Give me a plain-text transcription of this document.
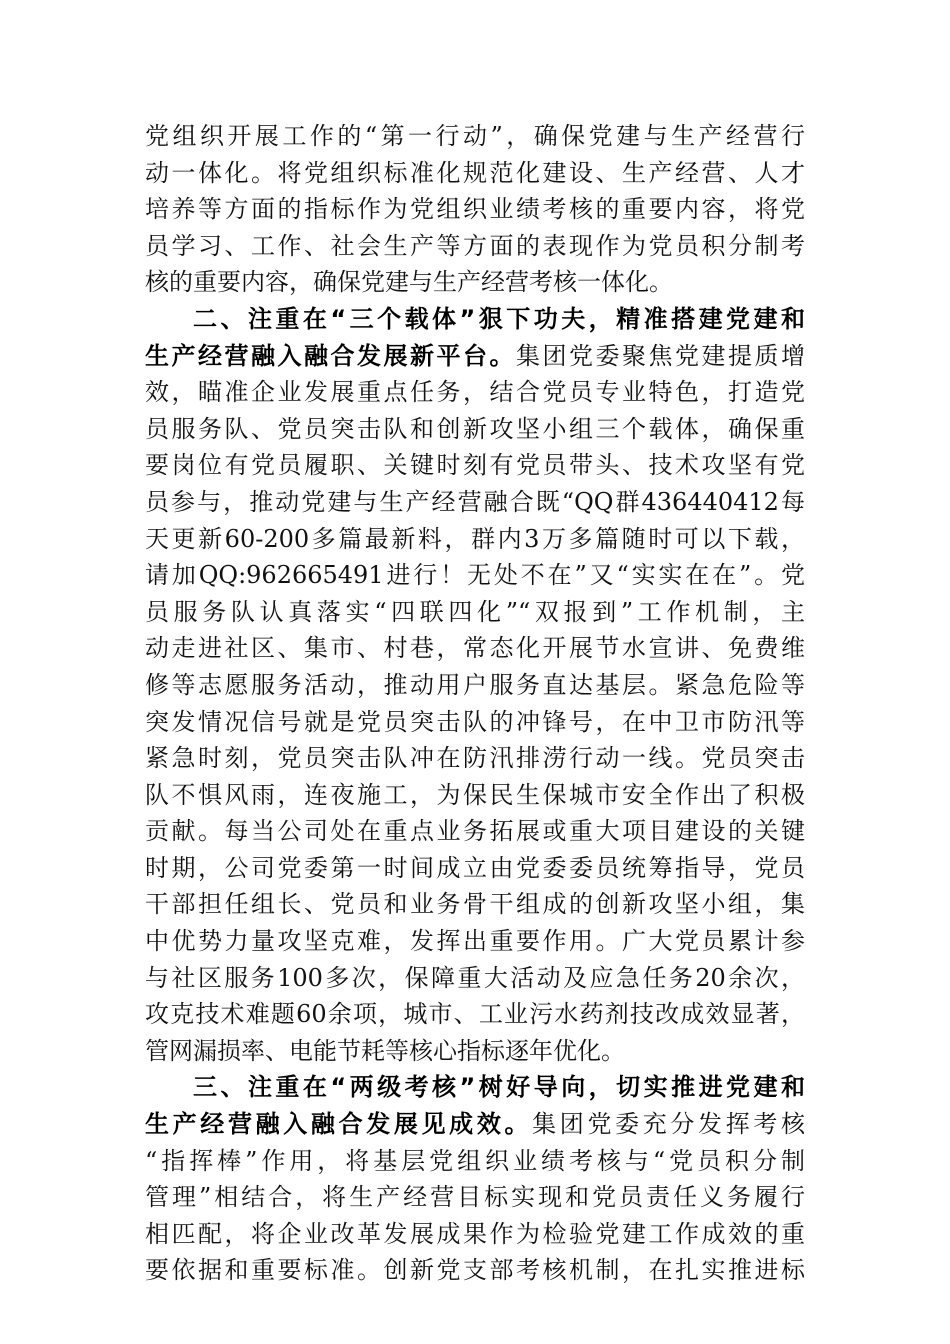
党组织开展工作的“第一行动”，确保党建与生产经营行
动一体化。将党组织标准化规范化建设、生产经营、人才
培养等方面的指标作为党组织业绩考核的重要内容，将党
员学习、工作、社会生产等方面的表现作为党员积分制考
核的重要内容，确保党建与生产经营考核一体化。
二、注重在“三个载体”狠下功夫，精准搭建党建和
生产经营融入融合发展新平台。集团党委聚焦党建提质增
效，瞄准企业发展重点任务，结合党员专业特色，打造党
员服务队、党员突击队和创新攻坚小组三个载体，确保重
要岗位有党员履职、关键时刻有党员带头、技术攻坚有党
员参与，推动党建与生产经营融合既“QQ群436440412每
天更新60-200多篇最新料，群内3万多篇随时可以下载，
请加QQ:962665491进行！无处不在”又“实实在在”。党
员服务队认真落实“四联四化”“双报到”工作机制，主
动走进社区、集市、村巷，常态化开展节水宣讲、免费维
修等志愿服务活动，推动用户服务直达基层。紧急危险等
突发情况信号就是党员突击队的冲锋号，在中卫市防汛等
紧急时刻，党员突击队冲在防汛排涝行动一线。党员突击
队不惧风雨，连夜施工，为保民生保城市安全作出了积极
贡献。每当公司处在重点业务拓展或重大项目建设的关键
时期，公司党委第一时间成立由党委委员统筹指导，党员
干部担任组长、党员和业务骨干组成的创新攻坚小组，集
中优势力量攻坚克难，发挥出重要作用。广大党员累计参
与社区服务100多次，保障重大活动及应急任务20余次，
攻克技术难题60余项，城市、工业污水药剂技改成效显著，
管网漏损率、电能节耗等核心指标逐年优化。
三、注重在“两级考核”树好导向，切实推进党建和
生产经营融入融合发展见成效。集团党委充分发挥考核
“指挥棒”作用，将基层党组织业绩考核与“党员积分制
管理”相结合，将生产经营目标实现和党员责任义务履行
相匹配，将企业改革发展成果作为检验党建工作成效的重
要依据和重要标准。创新党支部考核机制，在扎实推进标
